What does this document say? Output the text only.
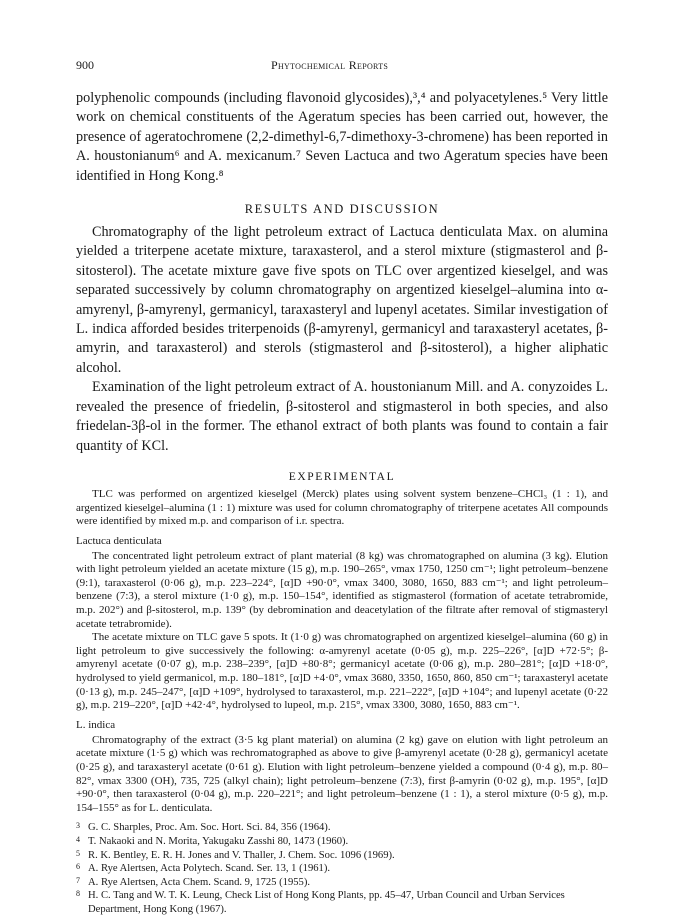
900	Phytochemical Reports

polyphenolic compounds (including flavonoid glycosides),³,⁴ and polyacetylenes.⁵ Very little work on chemical constituents of the Ageratum species has been carried out, however, the presence of ageratochromene (2,2-dimethyl-6,7-dimethoxy-3-chromene) has been reported in A. houstonianum⁶ and A. mexicanum.⁷ Seven Lactuca and two Ageratum species have been identified in Hong Kong.⁸

RESULTS AND DISCUSSION

Chromatography of the light petroleum extract of Lactuca denticulata Max. on alumina yielded a triterpene acetate mixture, taraxasterol, and a sterol mixture (stigmasterol and β-sitosterol). The acetate mixture gave five spots on TLC over argentized kieselgel, and was separated successively by column chromatography on argentized kieselgel–alumina into α-amyrenyl, β-amyrenyl, germanicyl, taraxasteryl and lupenyl acetates. Similar investigation of L. indica afforded besides triterpenoids (β-amyrenyl, germanicyl and taraxasteryl acetates, β-amyrin, and taraxasterol) and sterols (stigmasterol and β-sitosterol), a higher aliphatic alcohol.

Examination of the light petroleum extract of A. houstonianum Mill. and A. conyzoides L. revealed the presence of friedelin, β-sitosterol and stigmasterol in both species, and also friedelan-3β-ol in the former. The ethanol extract of both plants was found to contain a fair quantity of KCl.

EXPERIMENTAL

TLC was performed on argentized kieselgel (Merck) plates using solvent system benzene–CHCl₃ (1 : 1), and argentized kieselgel–alumina (1 : 1) mixture was used for column chromatography of triterpene acetates All compounds were identified by mixed m.p. and comparison of i.r. spectra.

Lactuca denticulata

The concentrated light petroleum extract of plant material (8 kg) was chromatographed on alumina (3 kg). Elution with light petroleum yielded an acetate mixture (15 g), m.p. 190–265°, νmax 1750, 1250 cm⁻¹; light petroleum–benzene (9:1), taraxasterol (0·06 g), m.p. 223–224°, [α]D +90·0°, νmax 3400, 3080, 1650, 883 cm⁻¹; and light petroleum–benzene (7:3), a sterol mixture (1·0 g), m.p. 150–154°, identified as stigmasterol (formation of acetate tetrabromide, m.p. 202°) and β-sitosterol, m.p. 139° (by debromination and deacetylation of the filtrate after removal of stigmasteryl acetate tetrabromide).

The acetate mixture on TLC gave 5 spots. It (1·0 g) was chromatographed on argentized kieselgel–alumina (60 g) in light petroleum to give successively the following: α-amyrenyl acetate (0·05 g), m.p. 225–226°, [α]D +72·5°; β-amyrenyl acetate (0·07 g), m.p. 238–239°, [α]D +80·8°; germanicyl acetate (0·06 g), m.p. 280–281°; [α]D +18·0°, hydrolysed to yield germanicol, m.p. 180–181°, [α]D +4·0°, νmax 3680, 3350, 1650, 860, 850 cm⁻¹; taraxasteryl acetate (0·13 g), m.p. 245–247°, [α]D +109°, hydrolysed to taraxasterol, m.p. 221–222°, [α]D +104°; and lupenyl acetate (0·22 g), m.p. 219–220°, [α]D +42·4°, hydrolysed to lupeol, m.p. 215°, νmax 3300, 3080, 1650, 883 cm⁻¹.

L. indica

Chromatography of the extract (3·5 kg plant material) on alumina (2 kg) gave on elution with light petroleum an acetate mixture (1·5 g) which was rechromatographed as above to give β-amyrenyl acetate (0·28 g), germanicyl acetate (0·25 g), and taraxasteryl acetate (0·61 g). Elution with light petroleum–benzene yielded a compound (0·4 g), m.p. 80–82°, νmax 3300 (OH), 735, 725 (alkyl chain); light petroleum–benzene (7:3), first β-amyrin (0·02 g), m.p. 195°, [α]D +90·0°, then taraxasterol (0·04 g), m.p. 220–221°; and light petroleum–benzene (1 : 1), a sterol mixture (0·5 g), m.p. 154–155° as for L. denticulata.

3 G. C. Sharples, Proc. Am. Soc. Hort. Sci. 84, 356 (1964).
4 T. Nakaoki and N. Morita, Yakugaku Zasshi 80, 1473 (1960).
5 R. K. Bentley, E. R. H. Jones and V. Thaller, J. Chem. Soc. 1096 (1969).
6 A. Rye Alertsen, Acta Polytech. Scand. Ser. 13, 1 (1961).
7 A. Rye Alertsen, Acta Chem. Scand. 9, 1725 (1955).
8 H. C. Tang and W. T. K. Leung, Check List of Hong Kong Plants, pp. 45–47, Urban Council and Urban Services Department, Hong Kong (1967).
